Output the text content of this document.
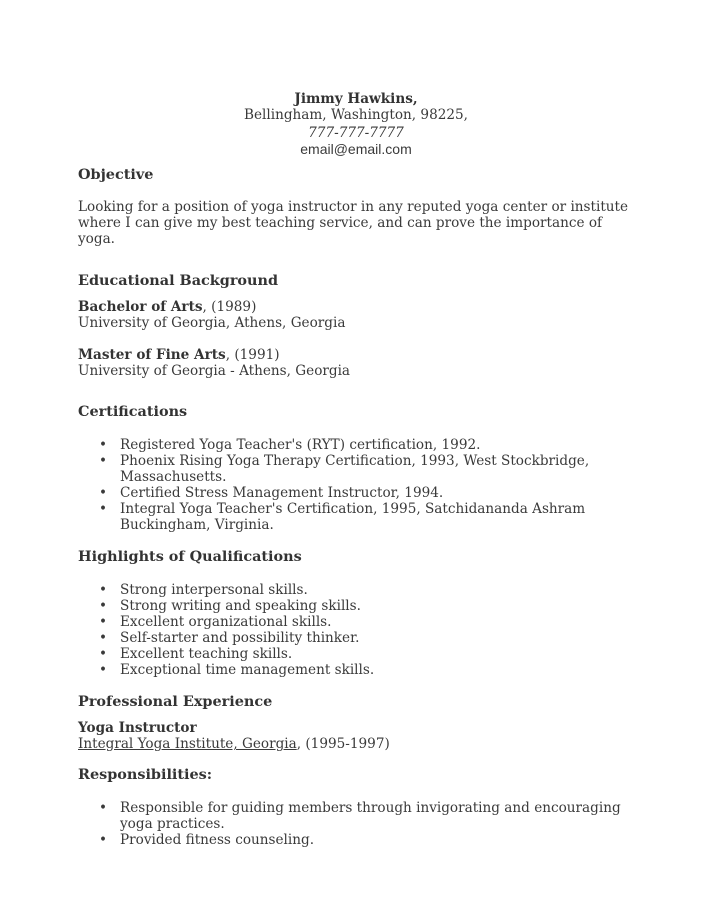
Jimmy Hawkins,
Bellingham, Washington, 98225,
777-777-7777
email@email.com
Objective
Looking for a position of yoga instructor in any reputed yoga center or institute where I can give my best teaching service, and can prove the importance of yoga.
Educational Background
Bachelor of Arts, (1989)
University of Georgia, Athens, Georgia
Master of Fine Arts, (1991)
University of Georgia - Athens, Georgia
Certifications
• Registered Yoga Teacher's (RYT) certification, 1992.
• Phoenix Rising Yoga Therapy Certification, 1993, West Stockbridge, Massachusetts.
• Certified Stress Management Instructor, 1994.
• Integral Yoga Teacher's Certification, 1995, Satchidananda Ashram Buckingham, Virginia.
Highlights of Qualifications
• Strong interpersonal skills.
• Strong writing and speaking skills.
• Excellent organizational skills.
• Self-starter and possibility thinker.
• Excellent teaching skills.
• Exceptional time management skills.
Professional Experience
Yoga Instructor
Integral Yoga Institute, Georgia, (1995-1997)
Responsibilities:
• Responsible for guiding members through invigorating and encouraging yoga practices.
• Provided fitness counseling.
